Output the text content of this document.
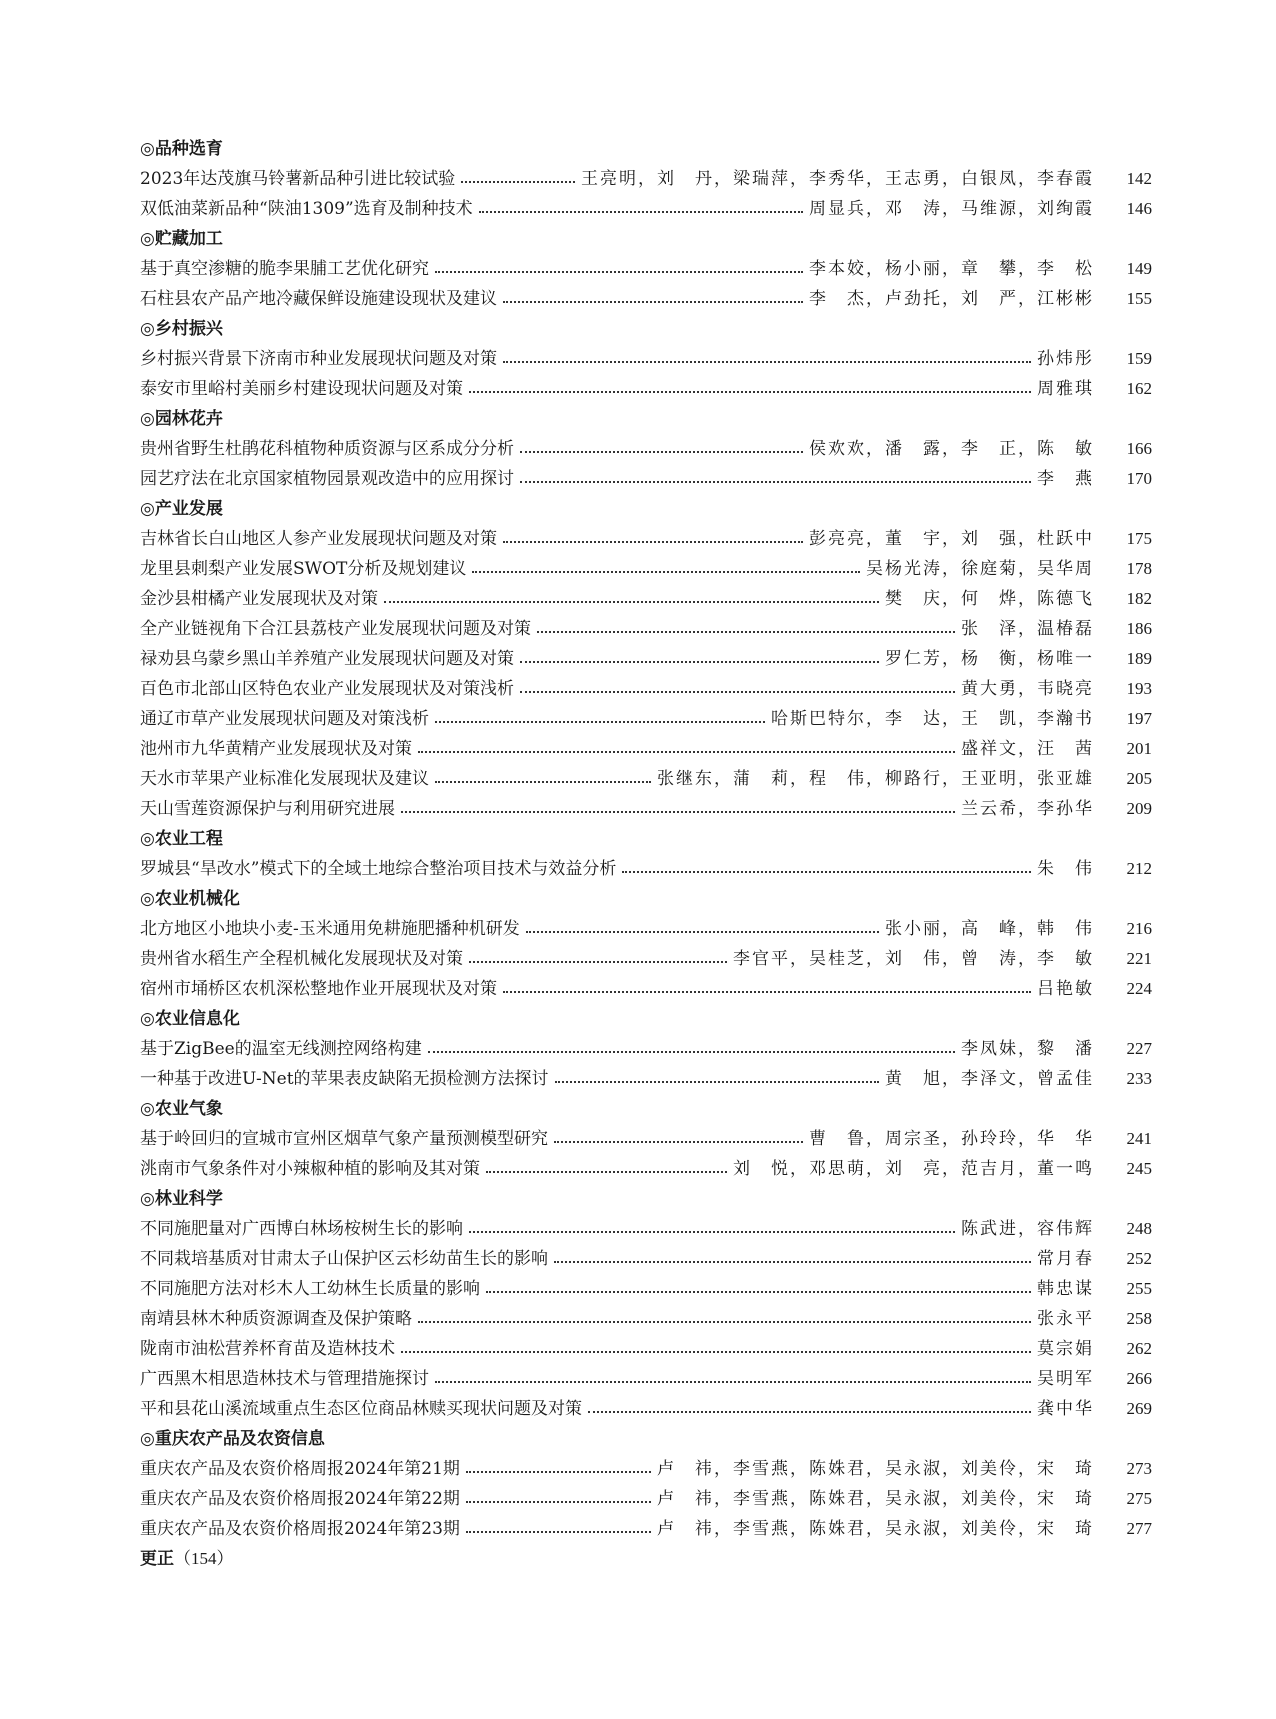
◎品种选育
2023年达茂旗马铃薯新品种引进比较试验	王亮明，刘　丹，梁瑞萍，李秀华，王志勇，白银凤，李春霞	142
双低油菜新品种“陕油1309”选育及制种技术	周显兵，邓　涛，马维源，刘绚霞	146
◎贮藏加工
基于真空渗糖的脆李果脯工艺优化研究	李本姣，杨小丽，章　攀，李　松	149
石柱县农产品产地冷藏保鲜设施建设现状及建议	李　杰，卢劲托，刘　严，江彬彬	155
◎乡村振兴
乡村振兴背景下济南市种业发展现状问题及对策	孙炜彤	159
泰安市里峪村美丽乡村建设现状问题及对策	周雅琪	162
◎园林花卉
贵州省野生杜鹃花科植物种质资源与区系成分分析	侯欢欢，潘　露，李　正，陈　敏	166
园艺疗法在北京国家植物园景观改造中的应用探讨	李　燕	170
◎产业发展
吉林省长白山地区人参产业发展现状问题及对策	彭亮亮，董　宇，刘　强，杜跃中	175
龙里县刺梨产业发展SWOT分析及规划建议	吴杨光涛，徐庭菊，吴华周	178
金沙县柑橘产业发展现状及对策	樊　庆，何　烨，陈德飞	182
全产业链视角下合江县荔枝产业发展现状问题及对策	张　泽，温椿磊	186
禄劝县乌蒙乡黑山羊养殖产业发展现状问题及对策	罗仁芳，杨　衡，杨唯一	189
百色市北部山区特色农业产业发展现状及对策浅析	黄大勇，韦晓亮	193
通辽市草产业发展现状问题及对策浅析	哈斯巴特尔，李　达，王　凯，李瀚书	197
池州市九华黄精产业发展现状及对策	盛祥文，汪　茜	201
天水市苹果产业标准化发展现状及建议	张继东，蒲　莉，程　伟，柳路行，王亚明，张亚雄	205
天山雪莲资源保护与利用研究进展	兰云希，李孙华	209
◎农业工程
罗城县“旱改水”模式下的全域土地综合整治项目技术与效益分析	朱　伟	212
◎农业机械化
北方地区小地块小麦-玉米通用免耕施肥播种机研发	张小丽，高　峰，韩　伟	216
贵州省水稻生产全程机械化发展现状及对策	李官平，吴桂芝，刘　伟，曾　涛，李　敏	221
宿州市埇桥区农机深松整地作业开展现状及对策	吕艳敏	224
◎农业信息化
基于ZigBee的温室无线测控网络构建	李凤妹，黎　潘	227
一种基于改进U-Net的苹果表皮缺陷无损检测方法探讨	黄　旭，李泽文，曾孟佳	233
◎农业气象
基于岭回归的宣城市宣州区烟草气象产量预测模型研究	曹　鲁，周宗圣，孙玲玲，华　华	241
洮南市气象条件对小辣椒种植的影响及其对策	刘　悦，邓思萌，刘　亮，范吉月，董一鸣	245
◎林业科学
不同施肥量对广西博白林场桉树生长的影响	陈武进，容伟辉	248
不同栽培基质对甘肃太子山保护区云杉幼苗生长的影响	常月春	252
不同施肥方法对杉木人工幼林生长质量的影响	韩忠谋	255
南靖县林木种质资源调查及保护策略	张永平	258
陇南市油松营养杯育苗及造林技术	莫宗娟	262
广西黑木相思造林技术与管理措施探讨	吴明军	266
平和县花山溪流域重点生态区位商品林赎买现状问题及对策	龚中华	269
◎重庆农产品及农资信息
重庆农产品及农资价格周报2024年第21期	卢　祎，李雪燕，陈姝君，吴永淑，刘美伶，宋　琦	273
重庆农产品及农资价格周报2024年第22期	卢　祎，李雪燕，陈姝君，吴永淑，刘美伶，宋　琦	275
重庆农产品及农资价格周报2024年第23期	卢　祎，李雪燕，陈姝君，吴永淑，刘美伶，宋　琦	277
更正（154）
